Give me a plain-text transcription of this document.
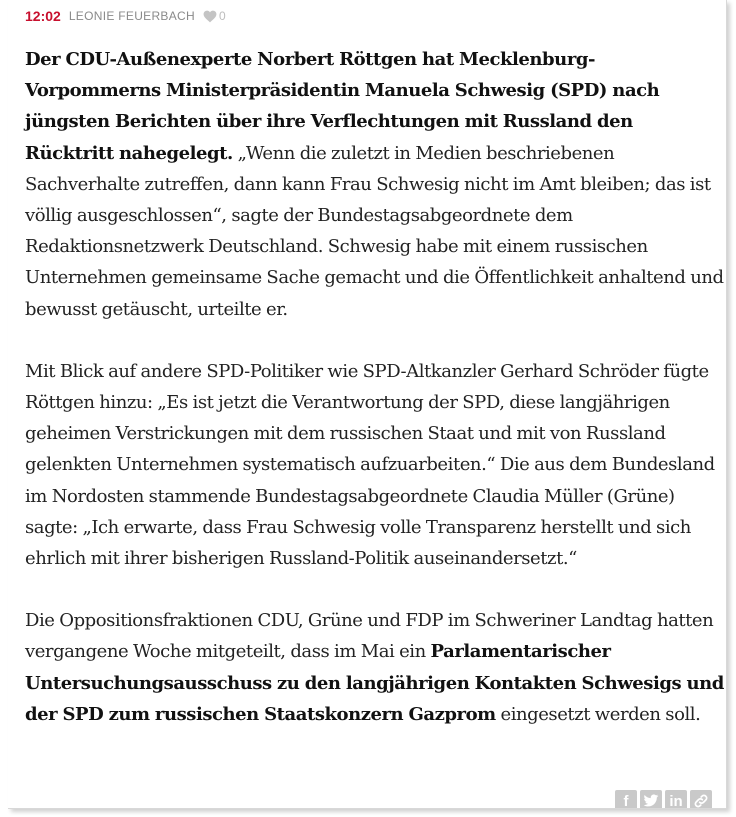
12:02 LEONIE FEUERBACH 0

Der CDU-Außenexperte Norbert Röttgen hat Mecklenburg-Vorpommerns Ministerpräsidentin Manuela Schwesig (SPD) nach jüngsten Berichten über ihre Verflechtungen mit Russland den Rücktritt nahegelegt. „Wenn die zuletzt in Medien beschriebenen Sachverhalte zutreffen, dann kann Frau Schwesig nicht im Amt bleiben; das ist völlig ausgeschlossen“, sagte der Bundestagsabgeordnete dem Redaktionsnetzwerk Deutschland. Schwesig habe mit einem russischen Unternehmen gemeinsame Sache gemacht und die Öffentlichkeit anhaltend und bewusst getäuscht, urteilte er.

Mit Blick auf andere SPD-Politiker wie SPD-Altkanzler Gerhard Schröder fügte Röttgen hinzu: „Es ist jetzt die Verantwortung der SPD, diese langjährigen geheimen Verstrickungen mit dem russischen Staat und mit von Russland gelenkten Unternehmen systematisch aufzuarbeiten.“ Die aus dem Bundesland im Nordosten stammende Bundestagsabgeordnete Claudia Müller (Grüne) sagte: „Ich erwarte, dass Frau Schwesig volle Transparenz herstellt und sich ehrlich mit ihrer bisherigen Russland-Politik auseinandersetzt.“

Die Oppositionsfraktionen CDU, Grüne und FDP im Schweriner Landtag hatten vergangene Woche mitgeteilt, dass im Mai ein Parlamentarischer Untersuchungsausschuss zu den langjährigen Kontakten Schwesigs und der SPD zum russischen Staatskonzern Gazprom eingesetzt werden soll.

f	in
